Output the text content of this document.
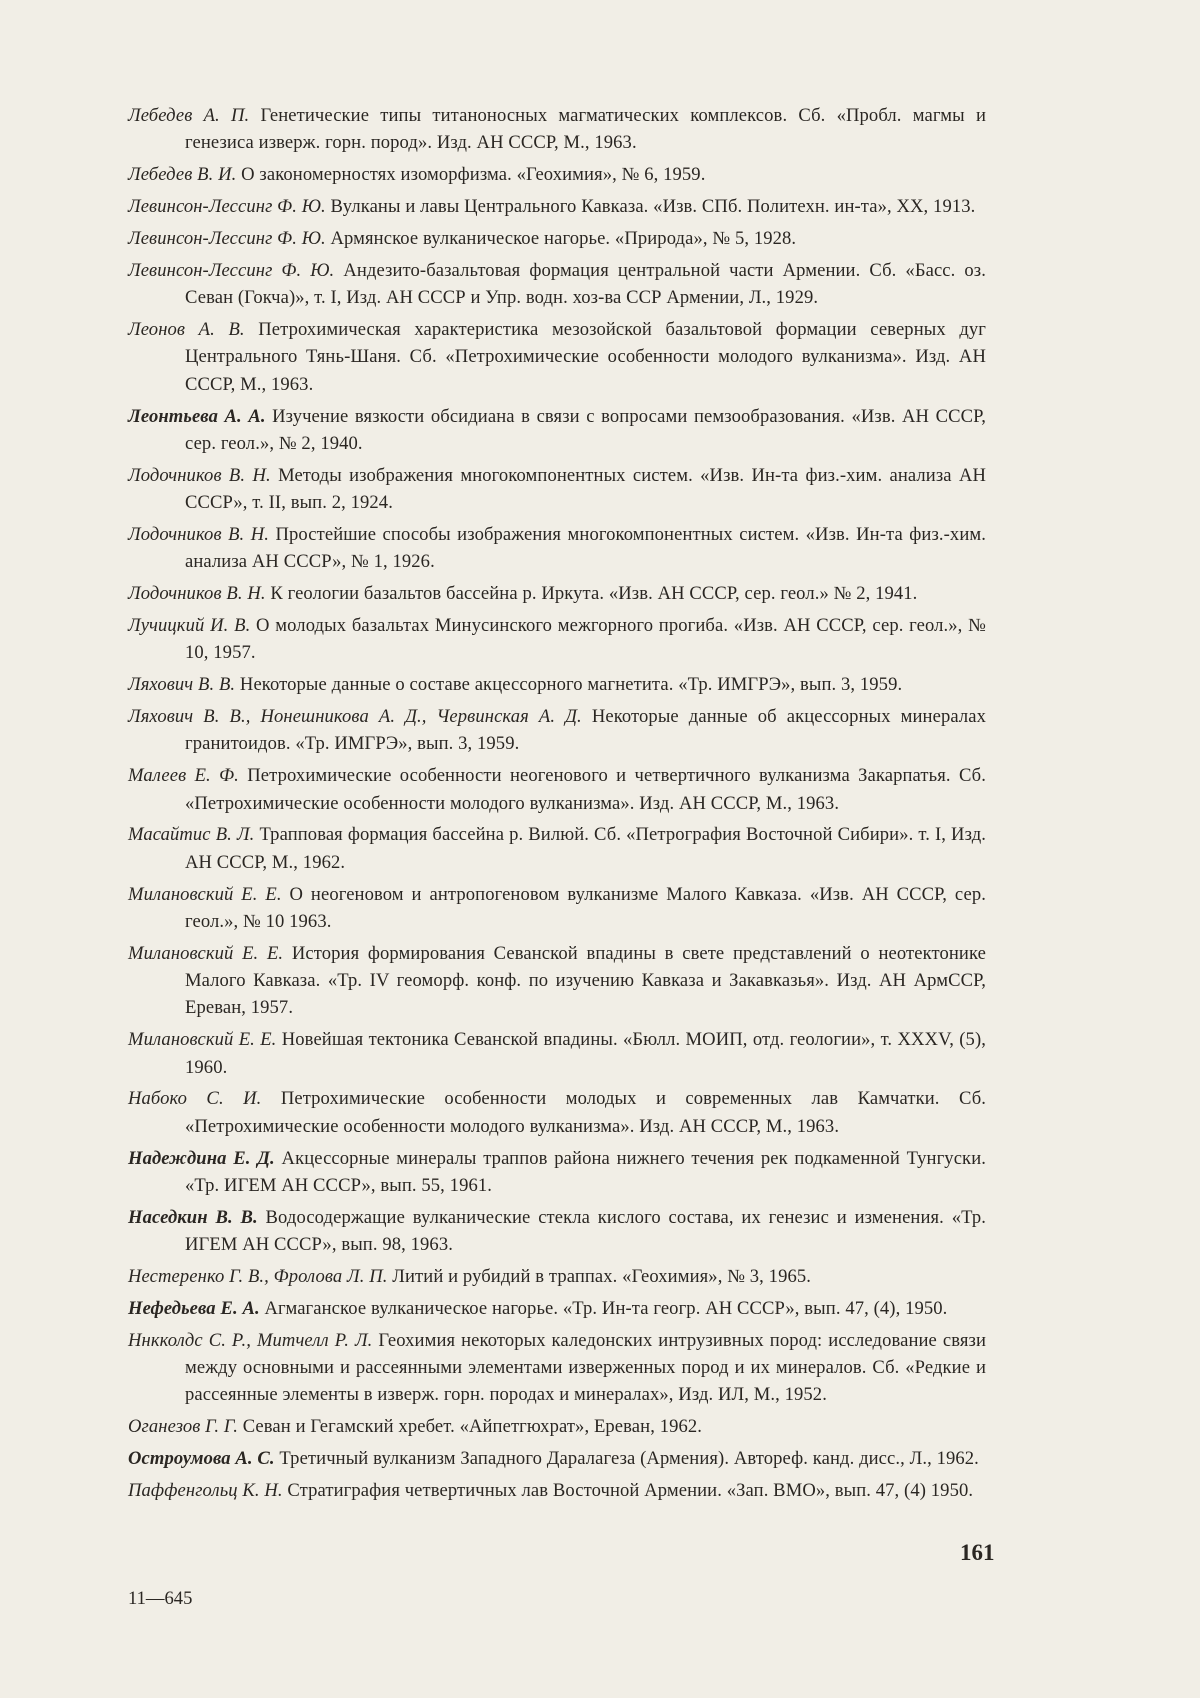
Лебедев А. П. Генетические типы титаноносных магматических комплексов. Сб. «Пробл. магмы и генезиса изверж. горн. пород». Изд. АН СССР, М., 1963.

Лебедев В. И. О закономерностях изоморфизма. «Геохимия», № 6, 1959.

Левинсон-Лессинг Ф. Ю. Вулканы и лавы Центрального Кавказа. «Изв. СПб. Политехн. ин-та», XX, 1913.

Левинсон-Лессинг Ф. Ю. Армянское вулканическое нагорье. «Природа», № 5, 1928.

Левинсон-Лессинг Ф. Ю. Андезито-базальтовая формация центральной части Армении. Сб. «Басс. оз. Севан (Гокча)», т. I, Изд. АН СССР и Упр. водн. хоз-ва ССР Армении, Л., 1929.

Леонов А. В. Петрохимическая характеристика мезозойской базальтовой формации северных дуг Центрального Тянь-Шаня. Сб. «Петрохимические особенности молодого вулканизма». Изд. АН СССР, М., 1963.

Леонтьева А. А. Изучение вязкости обсидиана в связи с вопросами пемзообразования. «Изв. АН СССР, сер. геол.», № 2, 1940.

Лодочников В. Н. Методы изображения многокомпонентных систем. «Изв. Ин-та физ.-хим. анализа АН СССР», т. II, вып. 2, 1924.

Лодочников В. Н. Простейшие способы изображения многокомпонентных систем. «Изв. Ин-та физ.-хим. анализа АН СССР», № 1, 1926.

Лодочников В. Н. К геологии базальтов бассейна р. Иркута. «Изв. АН СССР, сер. геол.» № 2, 1941.

Лучицкий И. В. О молодых базальтах Минусинского межгорного прогиба. «Изв. АН СССР, сер. геол.», № 10, 1957.

Ляхович В. В. Некоторые данные о составе акцессорного магнетита. «Тр. ИМГРЭ», вып. 3, 1959.

Ляхович В. В., Нонешникова А. Д., Червинская А. Д. Некоторые данные об акцессорных минералах гранитоидов. «Тр. ИМГРЭ», вып. 3, 1959.

Малеев Е. Ф. Петрохимические особенности неогенового и четвертичного вулканизма Закарпатья. Сб. «Петрохимические особенности молодого вулканизма». Изд. АН СССР, М., 1963.

Масайтис В. Л. Трапповая формация бассейна р. Вилюй. Сб. «Петрография Восточной Сибири». т. I, Изд. АН СССР, М., 1962.

Милановский Е. Е. О неогеновом и антропогеновом вулканизме Малого Кавказа. «Изв. АН СССР, сер. геол.», № 10 1963.

Милановский Е. Е. История формирования Севанской впадины в свете представлений о неотектонике Малого Кавказа. «Тр. IV геоморф. конф. по изучению Кавказа и Закавказья». Изд. АН АрмССР, Ереван, 1957.

Милановский Е. Е. Новейшая тектоника Севанской впадины. «Бюлл. МОИП, отд. геологии», т. XXXV, (5), 1960.

Набоко С. И. Петрохимические особенности молодых и современных лав Камчатки. Сб. «Петрохимические особенности молодого вулканизма». Изд. АН СССР, М., 1963.

Надеждина Е. Д. Акцессорные минералы траппов района нижнего течения рек подкаменной Тунгуски. «Тр. ИГЕМ АН СССР», вып. 55, 1961.

Наседкин В. В. Водосодержащие вулканические стекла кислого состава, их генезис и изменения. «Тр. ИГЕМ АН СССР», вып. 98, 1963.

Нестеренко Г. В., Фролова Л. П. Литий и рубидий в траппах. «Геохимия», № 3, 1965.

Нефедьева Е. А. Агмаганское вулканическое нагорье. «Тр. Ин-та геогр. АН СССР», вып. 47, (4), 1950.

Ннкколдс С. Р., Митчелл Р. Л. Геохимия некоторых каледонских интрузивных пород: исследование связи между основными и рассеянными элементами изверженных пород и их минералов. Сб. «Редкие и рассеянные элементы в изверж. горн. породах и минералах», Изд. ИЛ, М., 1952.

Оганезов Г. Г. Севан и Гегамский хребет. «Айпетгюхрат», Ереван, 1962.

Остроумова А. С. Третичный вулканизм Западного Даралагеза (Армения). Автореф. канд. дисс., Л., 1962.

Паффенгольц К. Н. Стратиграфия четвертичных лав Восточной Армении. «Зап. ВМО», вып. 47, (4) 1950.

161
11—645
